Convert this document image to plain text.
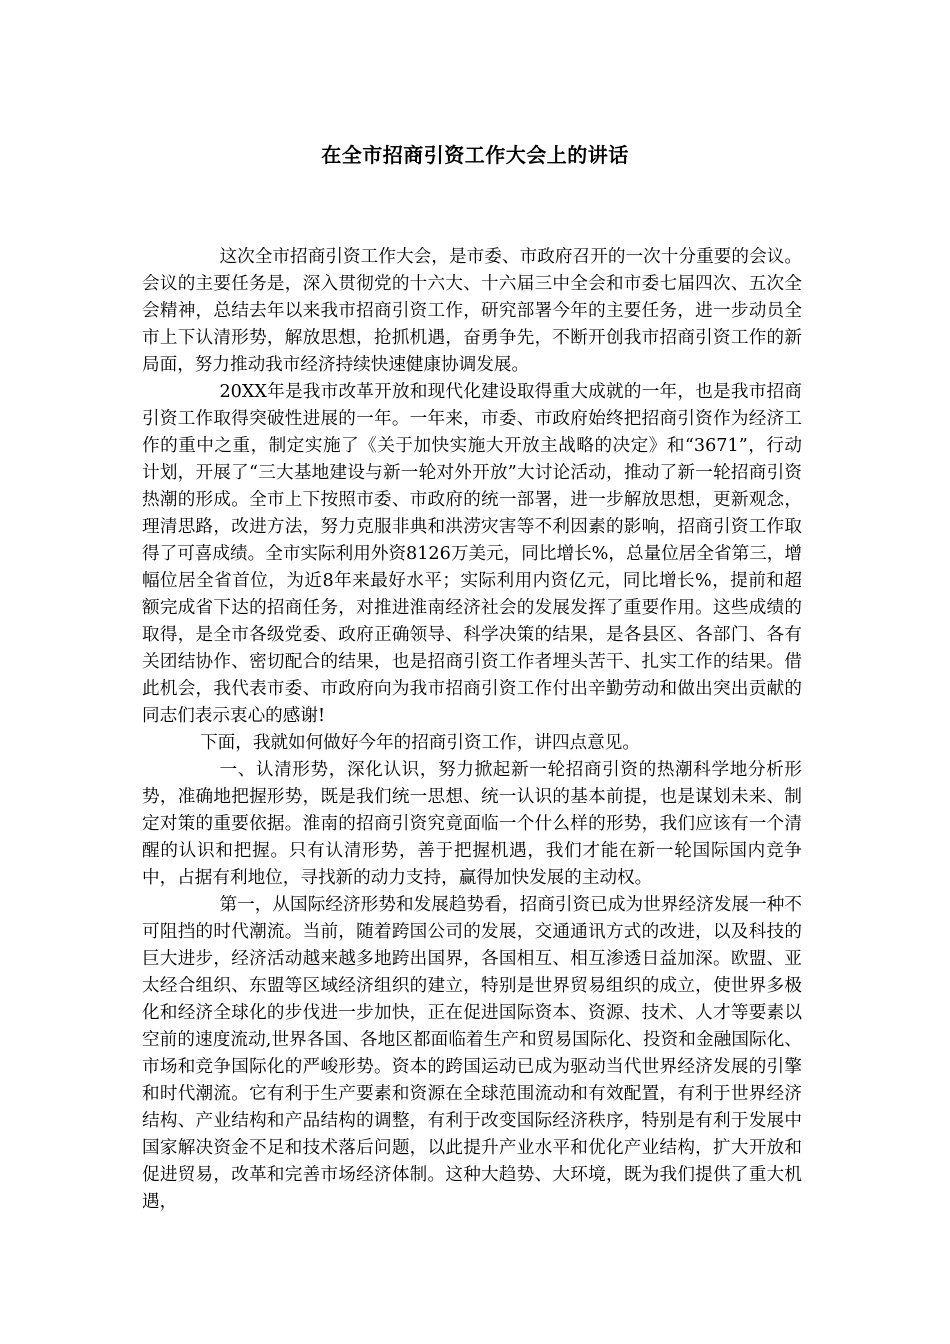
在全市招商引资工作大会上的讲话

这次全市招商引资工作大会，是市委、市政府召开的一次十分重要的会议。会议的主要任务是，深入贯彻党的十六大、十六届三中全会和市委七届四次、五次全会精神，总结去年以来我市招商引资工作，研究部署今年的主要任务，进一步动员全市上下认清形势，解放思想，抢抓机遇，奋勇争先，不断开创我市招商引资工作的新局面，努力推动我市经济持续快速健康协调发展。

20XX年是我市改革开放和现代化建设取得重大成就的一年，也是我市招商引资工作取得突破性进展的一年。一年来，市委、市政府始终把招商引资作为经济工作的重中之重，制定实施了《关于加快实施大开放主战略的决定》和“3671”，行动计划，开展了“三大基地建设与新一轮对外开放”大讨论活动，推动了新一轮招商引资热潮的形成。全市上下按照市委、市政府的统一部署，进一步解放思想，更新观念，理清思路，改进方法，努力克服非典和洪涝灾害等不利因素的影响，招商引资工作取得了可喜成绩。全市实际利用外资8126万美元，同比增长%，总量位居全省第三，增幅位居全省首位，为近8年来最好水平；实际利用内资亿元，同比增长%，提前和超额完成省下达的招商任务，对推进淮南经济社会的发展发挥了重要作用。这些成绩的取得，是全市各级党委、政府正确领导、科学决策的结果，是各县区、各部门、各有关团结协作、密切配合的结果，也是招商引资工作者埋头苦干、扎实工作的结果。借此机会，我代表市委、市政府向为我市招商引资工作付出辛勤劳动和做出突出贡献的同志们表示衷心的感谢!

下面，我就如何做好今年的招商引资工作，讲四点意见。

一、认清形势，深化认识，努力掀起新一轮招商引资的热潮科学地分析形势，准确地把握形势，既是我们统一思想、统一认识的基本前提，也是谋划未来、制定对策的重要依据。淮南的招商引资究竟面临一个什么样的形势，我们应该有一个清醒的认识和把握。只有认清形势，善于把握机遇，我们才能在新一轮国际国内竞争中，占据有利地位，寻找新的动力支持，赢得加快发展的主动权。

第一，从国际经济形势和发展趋势看，招商引资已成为世界经济发展一种不可阻挡的时代潮流。当前，随着跨国公司的发展，交通通讯方式的改进，以及科技的巨大进步，经济活动越来越多地跨出国界，各国相互、相互渗透日益加深。欧盟、亚太经合组织、东盟等区域经济组织的建立，特别是世界贸易组织的成立，使世界多极化和经济全球化的步伐进一步加快，正在促进国际资本、资源、技术、人才等要素以空前的速度流动,世界各国、各地区都面临着生产和贸易国际化、投资和金融国际化、市场和竞争国际化的严峻形势。资本的跨国运动已成为驱动当代世界经济发展的引擎和时代潮流。它有利于生产要素和资源在全球范围流动和有效配置，有利于世界经济结构、产业结构和产品结构的调整，有利于改变国际经济秩序，特别是有利于发展中国家解决资金不足和技术落后问题，以此提升产业水平和优化产业结构，扩大开放和促进贸易，改革和完善市场经济体制。这种大趋势、大环境，既为我们提供了重大机遇，
